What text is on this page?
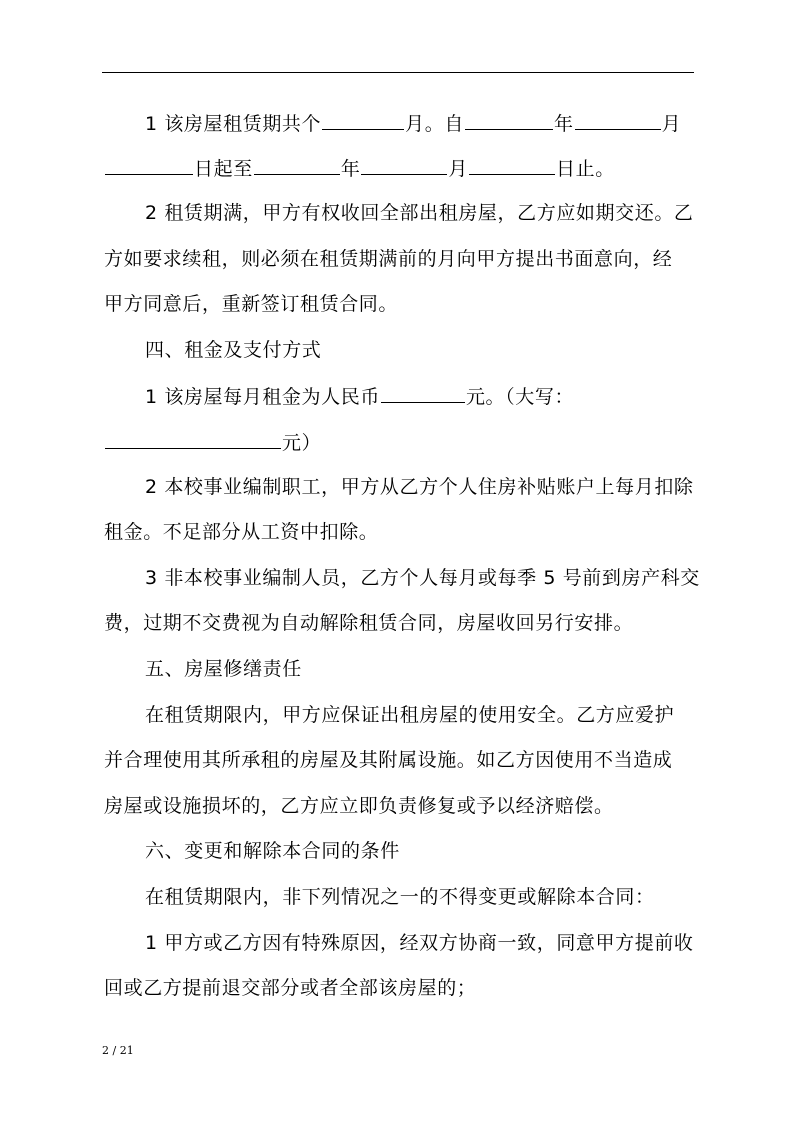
1 该房屋租赁期共个	月。自	年	月
日起至	年	月	日止。
2 租赁期满，甲方有权收回全部出租房屋，乙方应如期交还。乙
方如要求续租，则必须在租赁期满前的月向甲方提出书面意向，经
甲方同意后，重新签订租赁合同。
四、租金及支付方式
1 该房屋每月租金为人民币	元。（大写：
元）
2 本校事业编制职工，甲方从乙方个人住房补贴账户上每月扣除
租金。不足部分从工资中扣除。
3 非本校事业编制人员，乙方个人每月或每季 5 号前到房产科交
费，过期不交费视为自动解除租赁合同，房屋收回另行安排。
五、房屋修缮责任
在租赁期限内，甲方应保证出租房屋的使用安全。乙方应爱护
并合理使用其所承租的房屋及其附属设施。如乙方因使用不当造成
房屋或设施损坏的，乙方应立即负责修复或予以经济赔偿。
六、变更和解除本合同的条件
在租赁期限内，非下列情况之一的不得变更或解除本合同：
1 甲方或乙方因有特殊原因，经双方协商一致，同意甲方提前收
回或乙方提前退交部分或者全部该房屋的；
2 / 21
